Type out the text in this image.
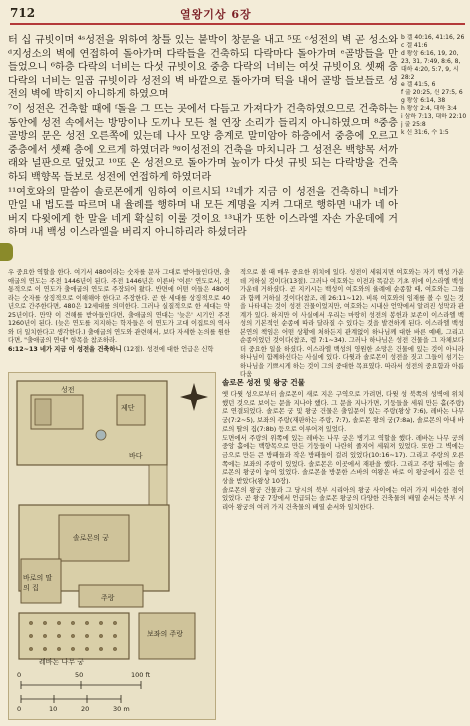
712	열왕기상 6장

터 십 규빗이며 ⁴ˢ성전을 위하여 창틀 있는 붙박이 창문을 내고 ⁵또 ᶜ성전의 벽 곧 성소와 ᵈ지성소의 벽에 연접하여 돌아가며 다락들을 건축하되 다락마다 돌아가며 ᵉ골방들을 만들었으니 ⁶하층 다락의 너비는 다섯 규빗이요 중층 다락의 너비는 여섯 규빗이요 셋째 층 다락의 너비는 일곱 규빗이라 성전의 벽 바깥으로 돌아가며 턱을 내어 골방 들보들로 성전의 벽에 박히지 아니하게 하였으며

⁷이 성전은 건축할 때에 ᶠ돌을 그 뜨는 곳에서 다듬고 가져다가 건축하였으므로 건축하는 동안에 성전 속에서는 방망이나 도끼나 모든 철 연장 소리가 들리지 아니하였으며 ⁸중층 골방의 문은 성전 오른쪽에 있는데 나사 모양 층계로 말미암아 하층에서 중층에 오르고 중층에서 셋째 층에 오르게 하였더라 ⁹ᵍ이성전의 건축을 마치니라 그 성전은 백향목 서까래와 널판으로 덮었고 ¹⁰또 온 성전으로 돌아가며 높이가 다섯 규빗 되는 다락방을 건축하되 백향목 들보로 성전에 연접하게 하였더라

¹¹여호와의 말씀이 솔로몬에게 임하여 이르시되 ¹²네가 지금 이 성전을 건축하니 ʰ네가 만일 내 법도를 따르며 내 율례를 행하며 내 모든 계명을 지켜 그대로 행하면 ⁱ내가 네 아버지 다윗에게 한 말을 네게 확실히 이룰 것이요 ¹³내가 또한 이스라엘 자손 가운데에 거하며 ʲ내 백성 이스라엘을 버리지 아니하리라 하셨더라

b 겔 40:16, 41:16, 26
c 겔 41:6
d 왕상 6:16, 19, 20, 23, 31, 7:49, 8:6, 8, 대하 4:20, 5:7, 9, 시 28:2
e 겔 41:5, 6
f 출 20:25, 신 27:5, 6
g 왕상 6:14, 38
h 왕상 2:4, 대하 3:4
i 삼하 7:13, 대하 22:10
j 출 25:8
k 신 31:6, 수 1:5

우 중요한 역할을 한다. 여기서 480이라는 숫자를 문자 그대로 받아들인다면, 출애굽의 연도는 주전 1446년이 된다. 주전 1446년은 이른바 '이른' 연도로서, 전통적으로 이 연도가 출애굽의 연도로 주장되어 왔다. 반면에 어떤 이들은 480이라는 숫자를 상징적으로 이해해야 한다고 주장한다. 곧 한 세대를 상징적으로 40년으로 간주한다면, 480은 12세대를 의미한다. 그러나 실질적으로 한 세대는 약 25년이다. 만약 이 견해를 받아들인다면, 출애굽의 연대는 '늦은' 시기인 주전 1260년이 된다. (늦은 연도를 지지하는 학자들은 이 연도가 고대 이집트의 역사와 더 일치한다고 생각한다.) 출애굽의 연도와 관련해서, 보다 자세한 논의를 원한다면, "출애굽의 연대" 항목을 참조하라.

6:12~13 네가 지금 이 성전을 건축하니 (12절). 성전에 대한 언급은 신학

적으로 볼 때 매우 중요한 위치에 있다. 성전이 세워지면 여호와는 자기 백성 가운데 거하실 것이다(13절). 그러나 여호와는 이전과 똑같은 기초 위에 이스라엘 백성 가운데 거하셨다. 곧 지키시는 백성이 여호와의 율례에 순종할 때, 여호와는 그들과 함께 거하실 것이다(참조, 레 26:11~12). 비록 여호와의 임재를 볼 수 있는 것을 나타내는 것이 성전 건물이었지만, 여호와는 시내산 언약에서 알려진 성막과 관계가 있다. 하지만 이 사실에서 우리는 마땅히 성전의 봉헌과 보존이 이스라엘 백성의 기본적인 순종에 따라 달라질 수 있다는 것을 발견하게 된다. 이스라엘 백성 본연의 책임은 어떤 상황에 처하든지 관계없이 하나님께 대한 바른 예배, 그리고 순종이었던 것이다(참조, 렘 7:1~34). 그러나 하나님은 성전 건물을 그 자체보다 더 중요한 일을 하셨다. 이스라엘 백성의 영원한 소망은 건물에 있는 것이 아니라 하나님이 함께하신다는 사실에 있다. 다윗과 솔로몬이 성전을 짓고 그들이 섬기는 하나님을 기쁘시게 하는 것이 그의 중대한 목표였다. 따라서 성전의 중요함과 아름다움

성전
제단
바다
솔로몬의 궁
바로의 딸의 집
주랑
레바논 나무 궁
보좌의 주랑
0	50	100 ft
0	10	20	30 m
솔로몬 성전 및 왕궁 건물

옛 다윗 성으로부터 솔로몬이 새로 지은 구역으로 가려면, 다윗 성 북쪽의 성벽에 위치했던 것으로 보이는 문을 지나야 했다. 그 문을 지나가면, 기둥들을 세워 만든 홀(주랑)로 연결되었다. 솔로몬 궁 및 왕궁 건물은 출입문이 있는 주랑(왕상 7:6), 레바논 나무 궁(7:2~5), 보좌의 주랑(재판하는 주랑, 7:7), 솔로몬 왕의 궁(7:8a), 솔로몬의 아내 바로의 딸의 집(7:8b) 등으로 이루어져 있었다.

도면에서 주랑의 위쪽에 있는 레바논 나무 궁은 병기고 역할을 했다. 레바논 나무 궁의 중앙 홀에는 백향목으로 만든 기둥들이 나란히 줄지어 세워져 있었다. 또한 그 벽에는 금으로 만든 큰 방패들과 작은 방패들이 걸려 있었다(10:16~17). 그리고 주랑의 오른쪽에는 보좌의 주랑이 있었다. 솔로몬은 이곳에서 재판을 했다. 그리고 주랑 뒤에는 솔로몬의 왕궁이 놓여 있었다. 솔로몬을 방문한 스바의 여왕은 바로 이 왕궁에서 깊은 인상을 받았다(왕상 10장).

솔로몬의 왕궁 건물과 그 당시의 북부 시리아의 왕궁 사이에는 여러 가지 비슷한 점이 있었다. 곧 왕궁 7장에서 언급되는 솔로몬 왕궁의 다양한 건축물의 배열 순서는 북부 시리아 왕궁의 여러 가지 건축물의 배열 순서와 일치한다.
